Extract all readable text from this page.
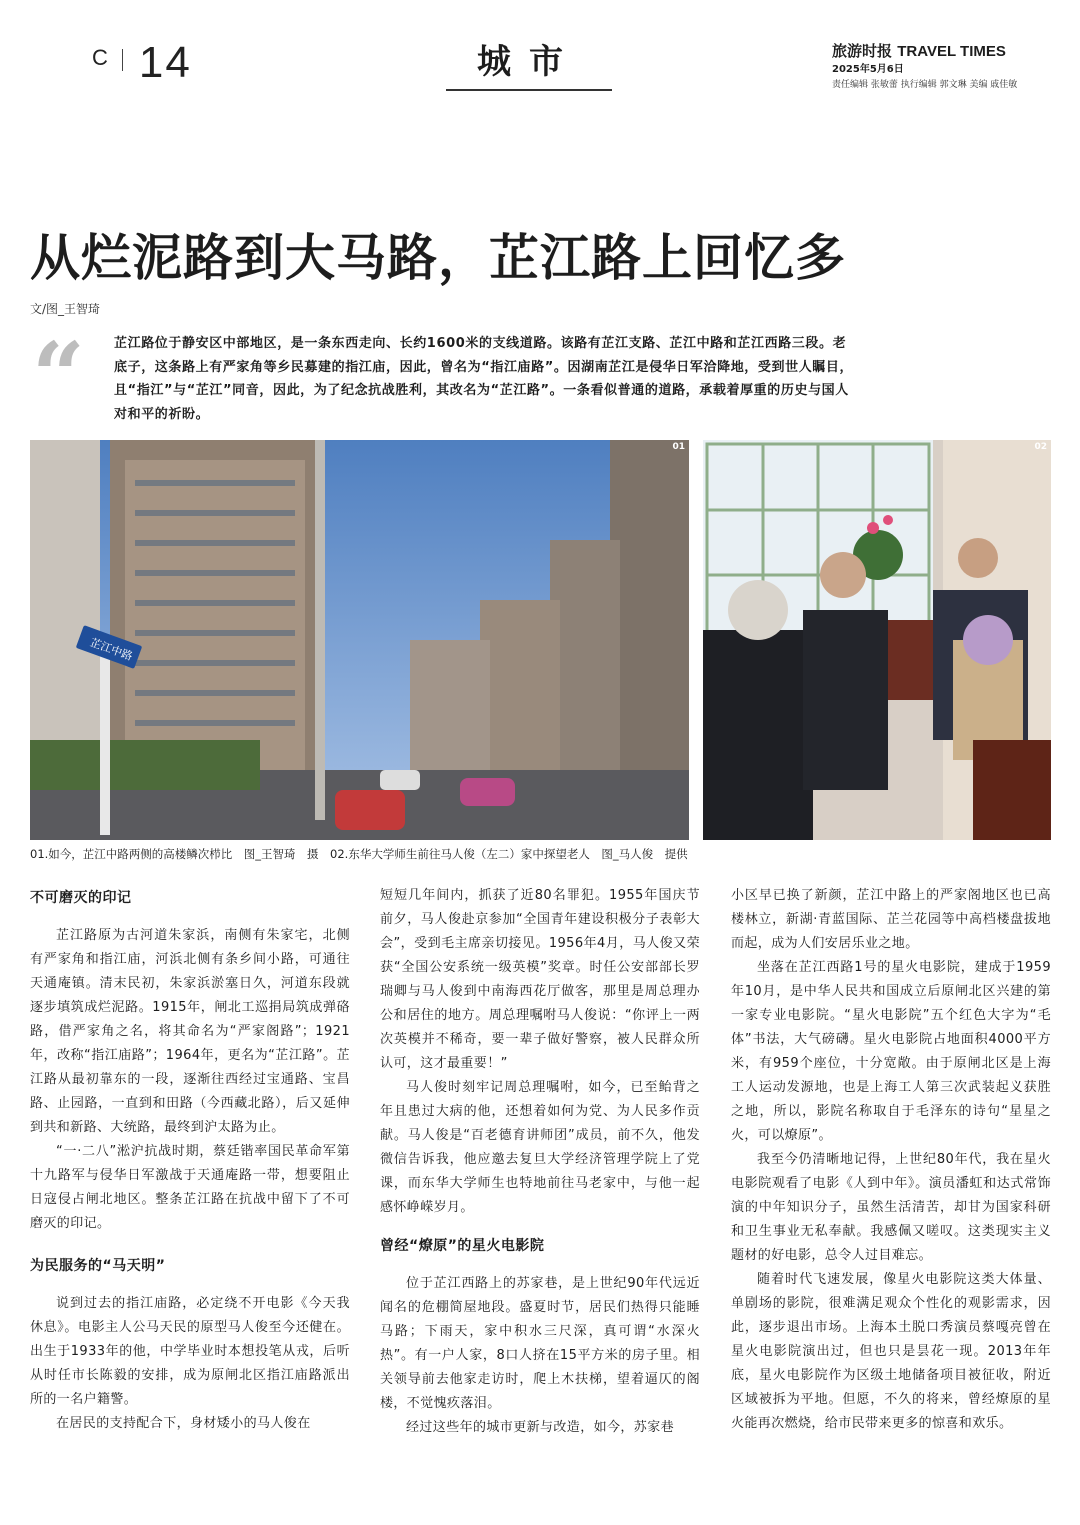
C 14	城市	旅游时报 TRAVEL TIMES
2025年5月6日
责任编辑 张敏蕾 执行编辑 郭文琳 美编 戚佳敏
从烂泥路到大马路，芷江路上回忆多
文/图_王智琦
“ 芷江路位于静安区中部地区，是一条东西走向、长约1600米的支线道路。该路有芷江支路、芷江中路和芷江西路三段。老底子，这条路上有严家角等乡民募建的指江庙，因此，曾名为“指江庙路”。因湖南芷江是侵华日军洽降地，受到世人瞩目，且“指江”与“芷江”同音，因此，为了纪念抗战胜利，其改名为“芷江路”。一条看似普通的道路，承载着厚重的历史与国人对和平的祈盼。
芷江中路
01	02
01.如今，芷江中路两侧的高楼鳞次栉比　图_王智琦　摄　02.东华大学师生前往马人俊（左二）家中探望老人　图_马人俊　提供
不可磨灭的印记

芷江路原为古河道朱家浜，南侧有朱家宅，北侧有严家角和指江庙，河浜北侧有条乡间小路，可通往天通庵镇。清末民初，朱家浜淤塞日久，河道东段就逐步填筑成烂泥路。1915年，闸北工巡捐局筑成弹硌路，借严家角之名，将其命名为“严家阁路”；1921年，改称“指江庙路”；1964年，更名为“芷江路”。芷江路从最初靠东的一段，逐渐往西经过宝通路、宝昌路、止园路，一直到和田路（今西藏北路），后又延伸到共和新路、大统路，最终到沪太路为止。

“一·二八”淞沪抗战时期，蔡廷锴率国民革命军第十九路军与侵华日军激战于天通庵路一带，想要阻止日寇侵占闸北地区。整条芷江路在抗战中留下了不可磨灭的印记。

为民服务的“马天明”

说到过去的指江庙路，必定绕不开电影《今天我休息》。电影主人公马天民的原型马人俊至今还健在。出生于1933年的他，中学毕业时本想投笔从戎，后听从时任市长陈毅的安排，成为原闸北区指江庙路派出所的一名户籍警。

在居民的支持配合下，身材矮小的马人俊在

短短几年间内，抓获了近80名罪犯。1955年国庆节前夕，马人俊赴京参加“全国青年建设积极分子表彰大会”，受到毛主席亲切接见。1956年4月，马人俊又荣获“全国公安系统一级英模”奖章。时任公安部部长罗瑞卿与马人俊到中南海西花厅做客，那里是周总理办公和居住的地方。周总理嘱咐马人俊说：“你评上一两次英模并不稀奇，要一辈子做好警察，被人民群众所认可，这才最重要！”

马人俊时刻牢记周总理嘱咐，如今，已至鲐背之年且患过大病的他，还想着如何为党、为人民多作贡献。马人俊是“百老德育讲师团”成员，前不久，他发微信告诉我，他应邀去复旦大学经济管理学院上了党课，而东华大学师生也特地前往马老家中，与他一起感怀峥嵘岁月。

曾经“燎原”的星火电影院

位于芷江西路上的苏家巷，是上世纪90年代远近闻名的危棚简屋地段。盛夏时节，居民们热得只能睡马路；下雨天，家中积水三尺深，真可谓“水深火热”。有一户人家，8口人挤在15平方米的房子里。相关领导前去他家走访时，爬上木扶梯，望着逼仄的阁楼，不觉愧疚落泪。

经过这些年的城市更新与改造，如今，苏家巷

小区早已换了新颜，芷江中路上的严家阁地区也已高楼林立，新湖·青蓝国际、芷兰花园等中高档楼盘拔地而起，成为人们安居乐业之地。

坐落在芷江西路1号的星火电影院，建成于1959年10月，是中华人民共和国成立后原闸北区兴建的第一家专业电影院。“星火电影院”五个红色大字为“毛体”书法，大气磅礴。星火电影院占地面积4000平方米，有959个座位，十分宽敞。由于原闸北区是上海工人运动发源地，也是上海工人第三次武装起义获胜之地，所以，影院名称取自于毛泽东的诗句“星星之火，可以燎原”。

我至今仍清晰地记得，上世纪80年代，我在星火电影院观看了电影《人到中年》。演员潘虹和达式常饰演的中年知识分子，虽然生活清苦，却甘为国家科研和卫生事业无私奉献。我感佩又嗟叹。这类现实主义题材的好电影，总令人过目难忘。

随着时代飞速发展，像星火电影院这类大体量、单剧场的影院，很难满足观众个性化的观影需求，因此，逐步退出市场。上海本土脱口秀演员蔡嘎亮曾在星火电影院演出过，但也只是昙花一现。2013年年底，星火电影院作为区级土地储备项目被征收，附近区域被拆为平地。但愿，不久的将来，曾经燎原的星火能再次燃烧，给市民带来更多的惊喜和欢乐。
